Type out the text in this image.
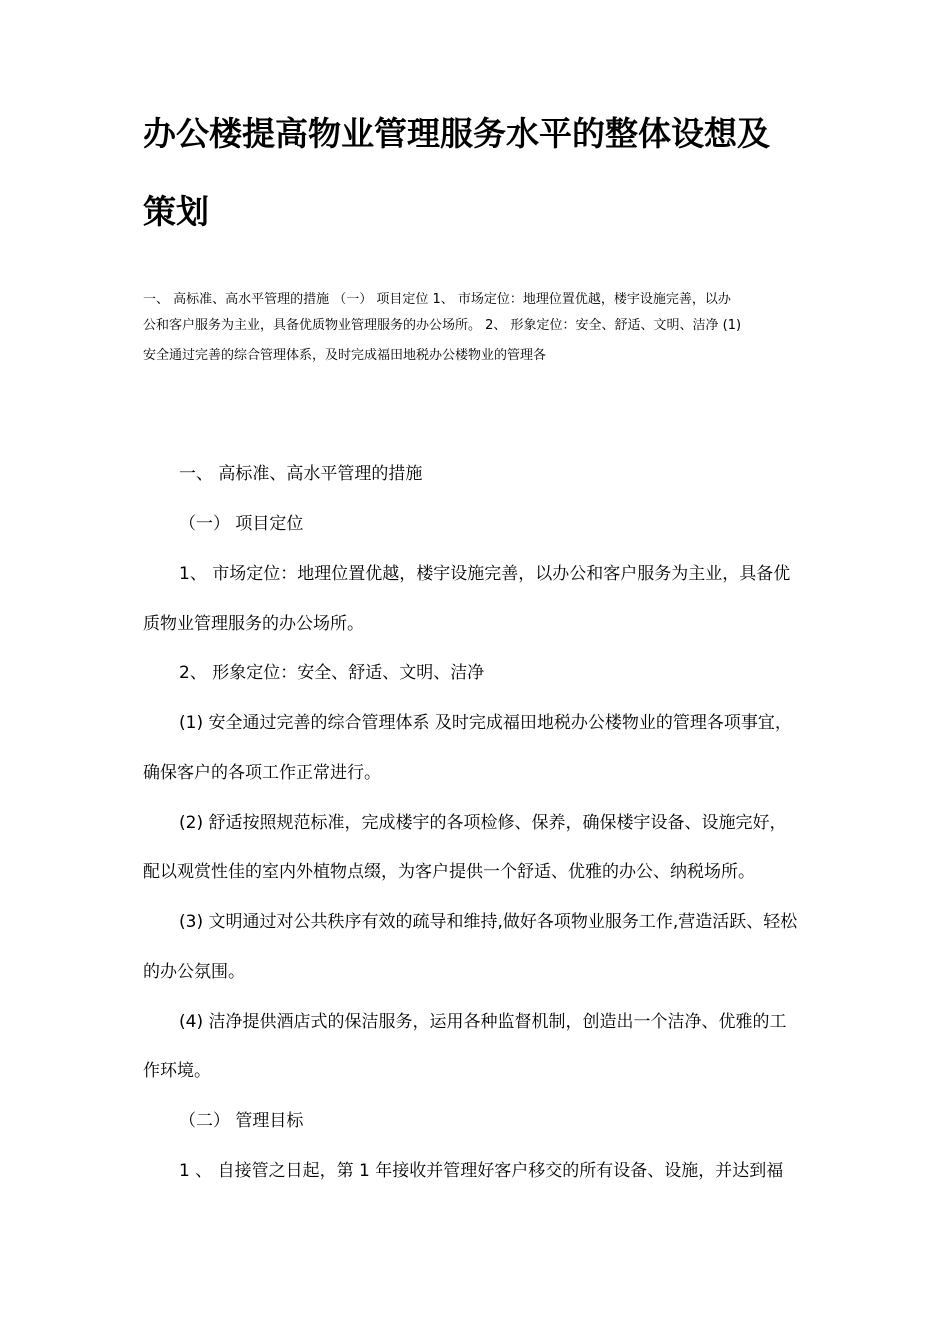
办公楼提高物业管理服务水平的整体设想及
策划
一、 高标准、高水平管理的措施 （一） 项目定位 1、 市场定位：地理位置优越，楼宇设施完善，以办
公和客户服务为主业，具备优质物业管理服务的办公场所。 2、 形象定位：安全、舒适、文明、洁净 (1)
安全通过完善的综合管理体系，及时完成福田地税办公楼物业的管理各
一、 高标准、高水平管理的措施
（一） 项目定位
1、 市场定位：地理位置优越，楼宇设施完善，以办公和客户服务为主业，具备优
质物业管理服务的办公场所。
2、 形象定位：安全、舒适、文明、洁净
(1) 安全通过完善的综合管理体系 及时完成福田地税办公楼物业的管理各项事宜，
确保客户的各项工作正常进行。
(2) 舒适按照规范标准，完成楼宇的各项检修、保养，确保楼宇设备、设施完好，
配以观赏性佳的室内外植物点缀，为客户提供一个舒适、优雅的办公、纳税场所。
(3) 文明通过对公共秩序有效的疏导和维持,做好各项物业服务工作,营造活跃、轻松
的办公氛围。
(4) 洁净提供酒店式的保洁服务，运用各种监督机制，创造出一个洁净、优雅的工
作环境。
（二） 管理目标
1 、 自接管之日起，第 1 年接收并管理好客户移交的所有设备、设施，并达到福
